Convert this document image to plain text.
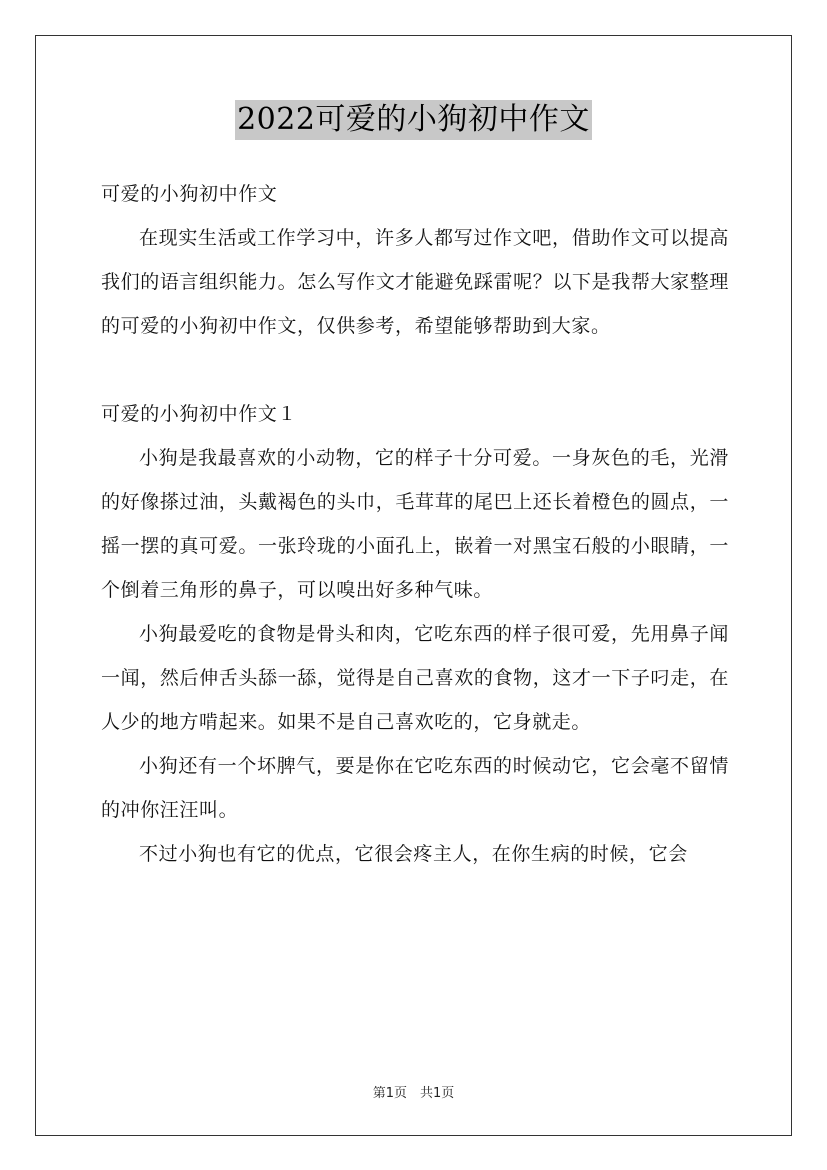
2022可爱的小狗初中作文

可爱的小狗初中作文

在现实生活或工作学习中，许多人都写过作文吧，借助作文可以提高我们的语言组织能力。怎么写作文才能避免踩雷呢？以下是我帮大家整理的可爱的小狗初中作文，仅供参考，希望能够帮助到大家。

可爱的小狗初中作文１

小狗是我最喜欢的小动物，它的样子十分可爱。一身灰色的毛，光滑的好像搽过油，头戴褐色的头巾，毛茸茸的尾巴上还长着橙色的圆点，一摇一摆的真可爱。一张玲珑的小面孔上，嵌着一对黑宝石般的小眼睛，一个倒着三角形的鼻子，可以嗅出好多种气味。

小狗最爱吃的食物是骨头和肉，它吃东西的样子很可爱，先用鼻子闻一闻，然后伸舌头舔一舔，觉得是自己喜欢的食物，这才一下子叼走，在人少的地方啃起来。如果不是自己喜欢吃的，它身就走。

小狗还有一个坏脾气，要是你在它吃东西的时候动它，它会毫不留情的冲你汪汪叫。

不过小狗也有它的优点，它很会疼主人，在你生病的时候，它会

第1页　共1页
